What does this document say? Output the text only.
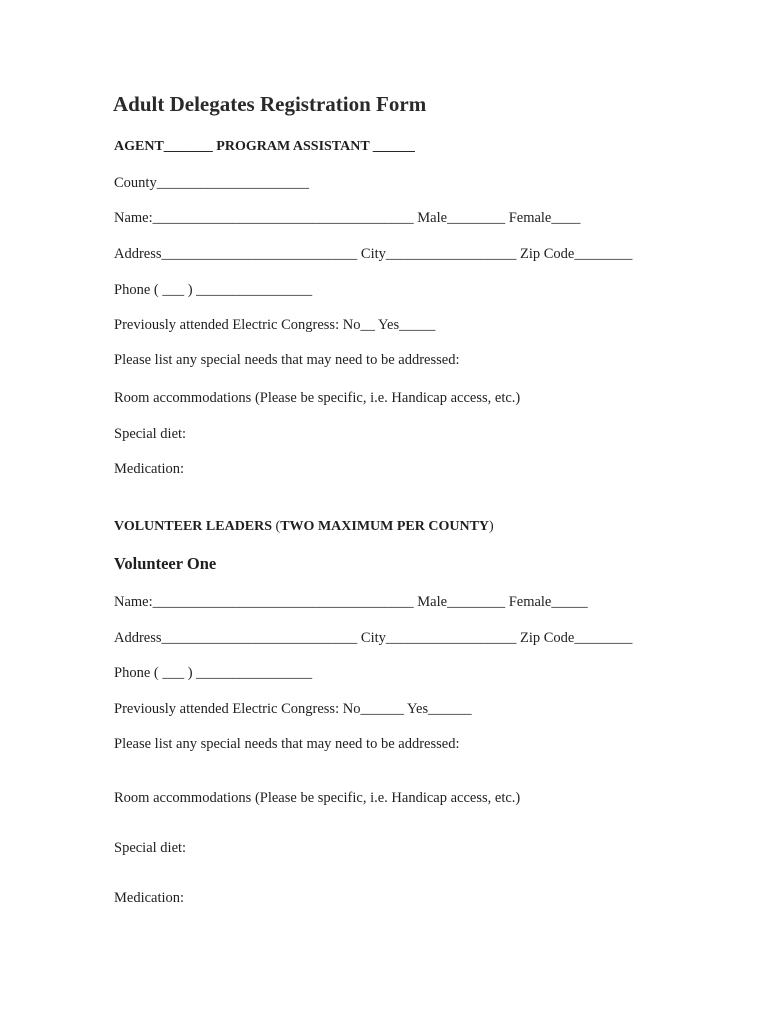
Adult Delegates Registration Form
AGENT_______ PROGRAM ASSISTANT ______
County_____________________
Name:____________________________________ Male________ Female____
Address___________________________ City__________________ Zip Code________
Phone ( ___ ) ________________
Previously attended Electric Congress: No__ Yes_____
Please list any special needs that may need to be addressed:
Room accommodations (Please be specific, i.e. Handicap access, etc.)
Special diet:
Medication:
VOLUNTEER LEADERS (TWO MAXIMUM PER COUNTY)
Volunteer One
Name:____________________________________ Male________ Female_____
Address___________________________ City__________________ Zip Code________
Phone ( ___ ) ________________
Previously attended Electric Congress: No______ Yes______
Please list any special needs that may need to be addressed:
Room accommodations (Please be specific, i.e. Handicap access, etc.)
Special diet:
Medication:
